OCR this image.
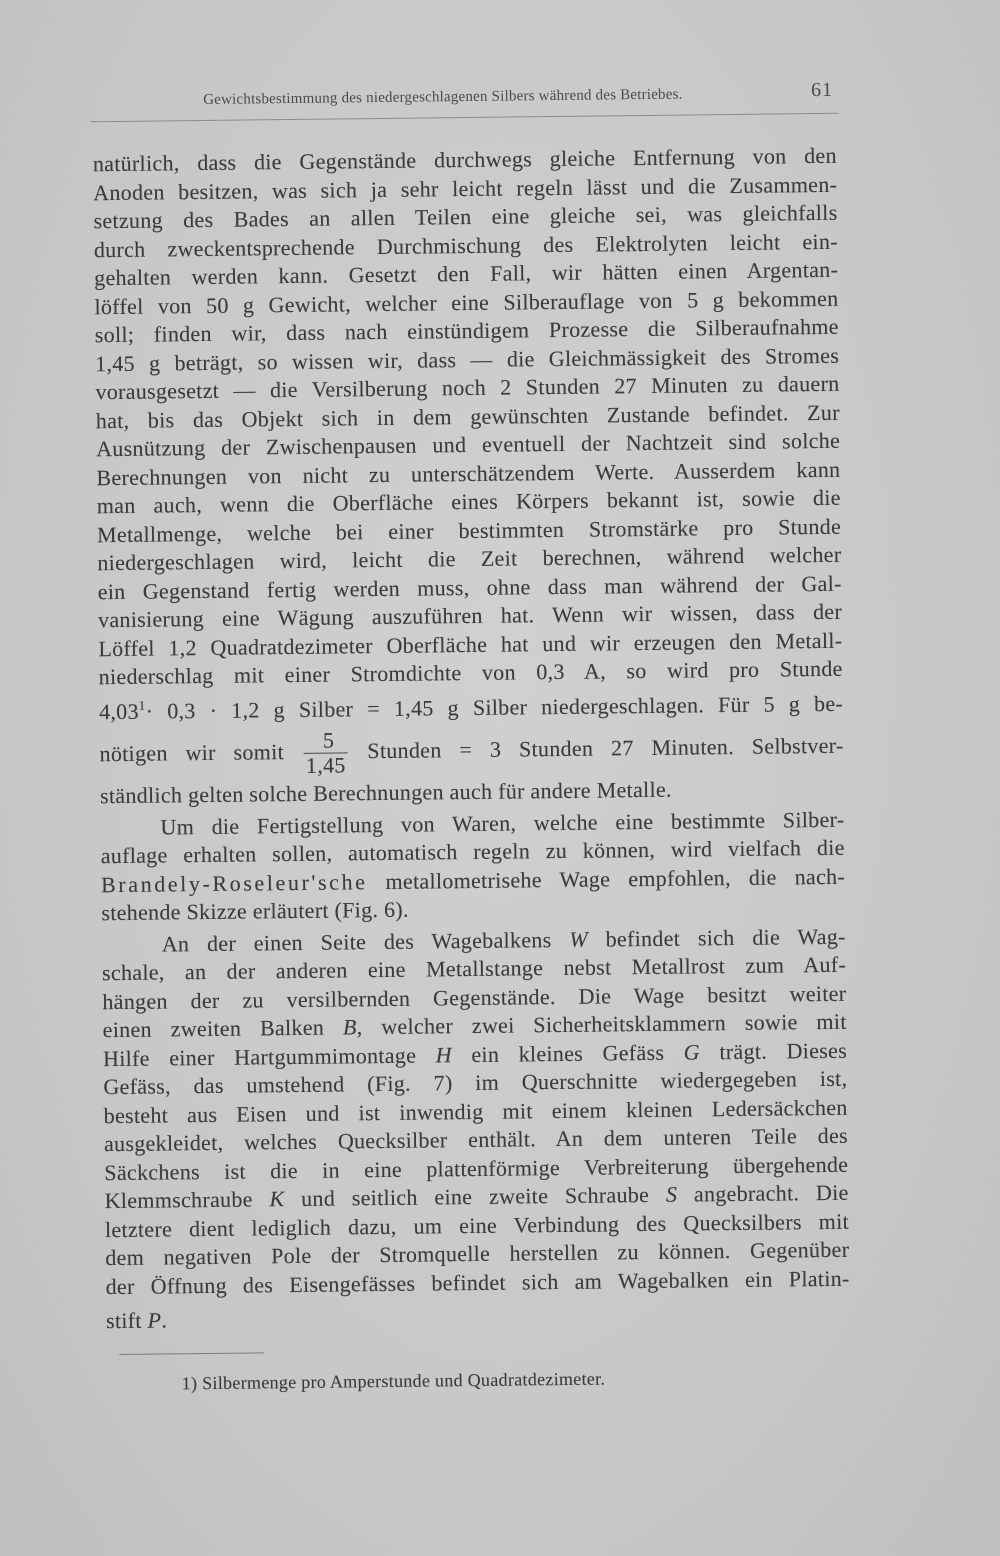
Gewichtsbestimmung des niedergeschlagenen Silbers während des Betriebes.	61
natürlich, dass die Gegenstände durchwegs gleiche Entfernung von den
Anoden besitzen, was sich ja sehr leicht regeln lässt und die Zusammen-
setzung des Bades an allen Teilen eine gleiche sei, was gleichfalls
durch zweckentsprechende Durchmischung des Elektrolyten leicht ein-
gehalten werden kann. Gesetzt den Fall, wir hätten einen Argentan-
löffel von 50 g Gewicht, welcher eine Silberauflage von 5 g bekommen
soll; finden wir, dass nach einstündigem Prozesse die Silberaufnahme
1,45 g beträgt, so wissen wir, dass — die Gleichmässigkeit des Stromes
vorausgesetzt — die Versilberung noch 2 Stunden 27 Minuten zu dauern
hat, bis das Objekt sich in dem gewünschten Zustande befindet. Zur
Ausnützung der Zwischenpausen und eventuell der Nachtzeit sind solche
Berechnungen von nicht zu unterschätzendem Werte. Ausserdem kann
man auch, wenn die Oberfläche eines Körpers bekannt ist, sowie die
Metallmenge, welche bei einer bestimmten Stromstärke pro Stunde
niedergeschlagen wird, leicht die Zeit berechnen, während welcher
ein Gegenstand fertig werden muss, ohne dass man während der Gal-
vanisierung eine Wägung auszuführen hat. Wenn wir wissen, dass der
Löffel 1,2 Quadratdezimeter Oberfläche hat und wir erzeugen den Metall-
niederschlag mit einer Stromdichte von 0,3 A, so wird pro Stunde
4,03$^1$· 0,3 · 1,2 g Silber = 1,45 g Silber niedergeschlagen. Für 5 g be-
nötigen wir somit $\frac{5}{1,45}$ Stunden = 3 Stunden 27 Minuten. Selbstver-
ständlich gelten solche Berechnungen auch für andere Metalle.
Um die Fertigstellung von Waren, welche eine bestimmte Silber-
auflage erhalten sollen, automatisch regeln zu können, wird vielfach die
Brandely-Roseleur'sche metallometrisehe Wage empfohlen, die nach-
stehende Skizze erläutert (Fig. 6).
An der einen Seite des Wagebalkens W befindet sich die Wag-
schale, an der anderen eine Metallstange nebst Metallrost zum Auf-
hängen der zu versilbernden Gegenstände. Die Wage besitzt weiter
einen zweiten Balken B, welcher zwei Sicherheitsklammern sowie mit
Hilfe einer Hartgummimontage H ein kleines Gefäss G trägt. Dieses
Gefäss, das umstehend (Fig. 7) im Querschnitte wiedergegeben ist,
besteht aus Eisen und ist inwendig mit einem kleinen Ledersäckchen
ausgekleidet, welches Quecksilber enthält. An dem unteren Teile des
Säckchens ist die in eine plattenförmige Verbreiterung übergehende
Klemmschraube K und seitlich eine zweite Schraube S angebracht. Die
letztere dient lediglich dazu, um eine Verbindung des Quecksilbers mit
dem negativen Pole der Stromquelle herstellen zu können. Gegenüber
der Öffnung des Eisengefässes befindet sich am Wagebalken ein Platin-
stift P.
1) Silbermenge pro Amperstunde und Quadratdezimeter.
